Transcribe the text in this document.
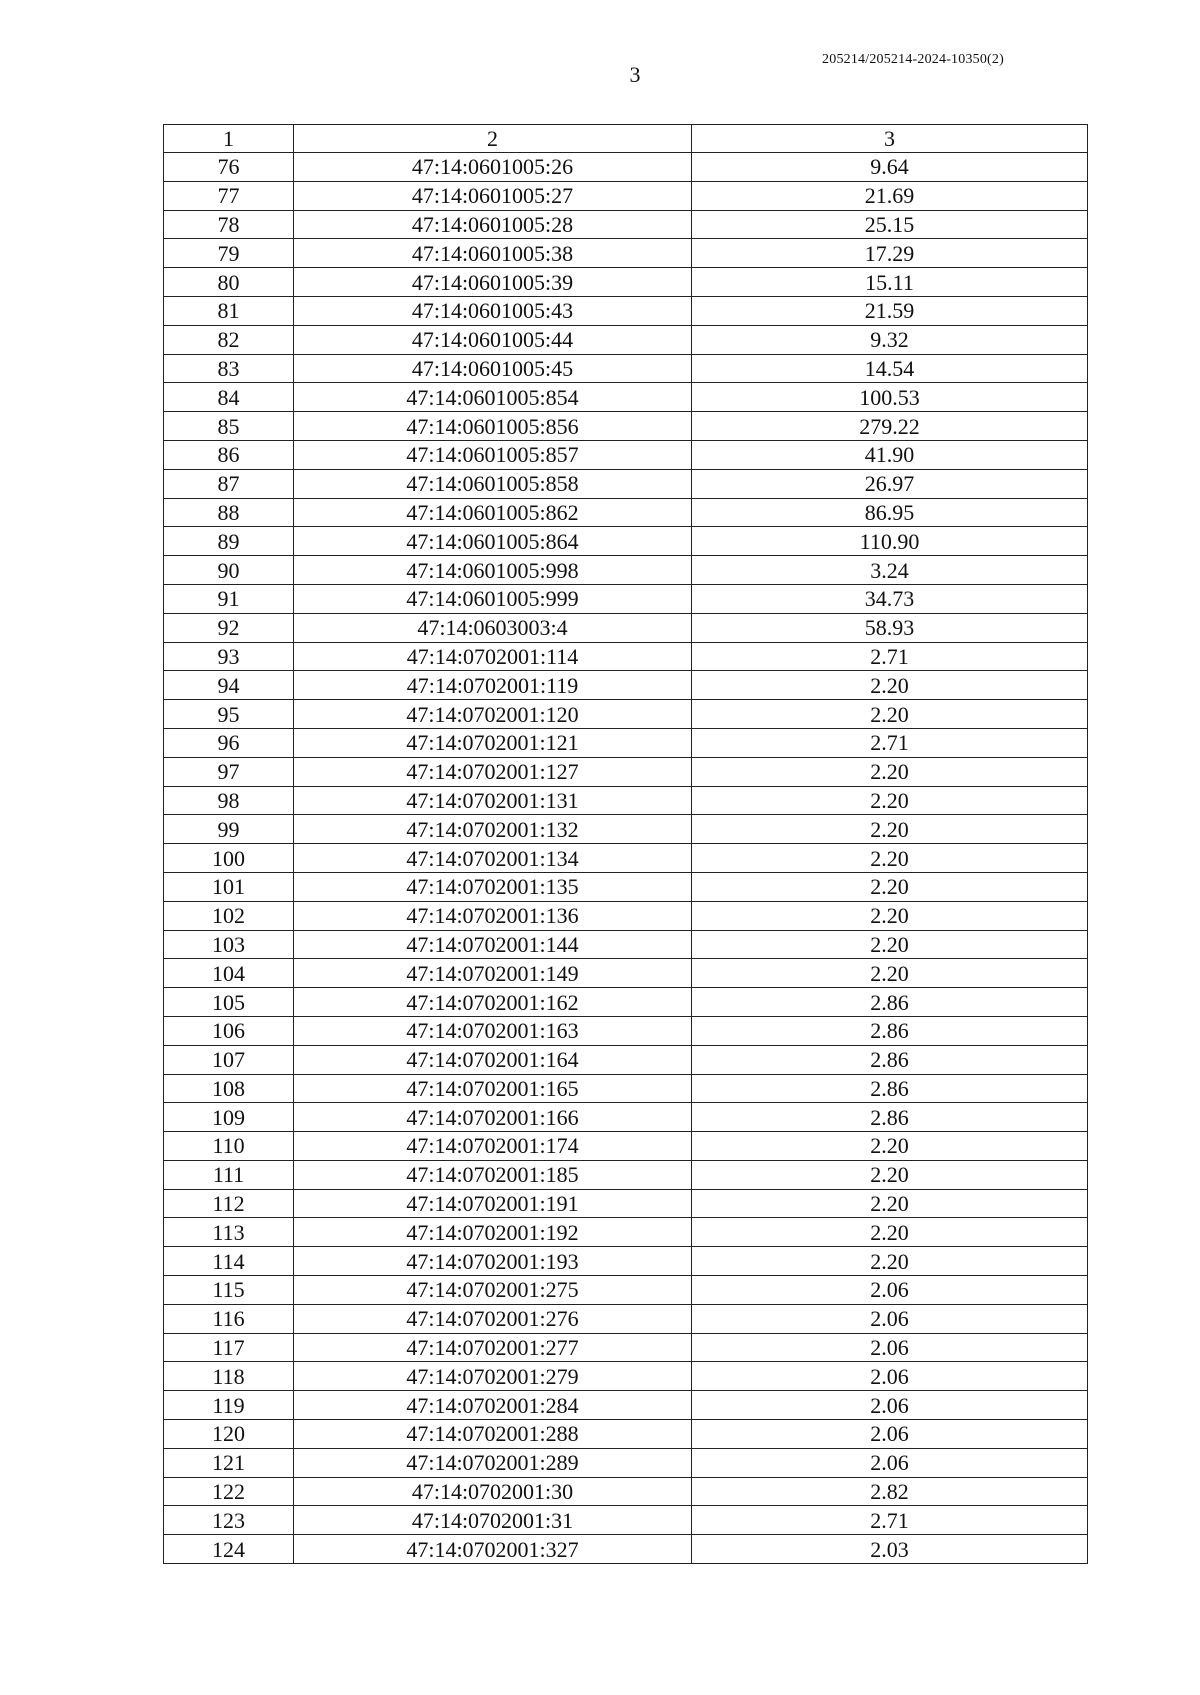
3
205214/205214-2024-10350(2)
1	2	3
76	47:14:0601005:26	9.64
77	47:14:0601005:27	21.69
78	47:14:0601005:28	25.15
79	47:14:0601005:38	17.29
80	47:14:0601005:39	15.11
81	47:14:0601005:43	21.59
82	47:14:0601005:44	9.32
83	47:14:0601005:45	14.54
84	47:14:0601005:854	100.53
85	47:14:0601005:856	279.22
86	47:14:0601005:857	41.90
87	47:14:0601005:858	26.97
88	47:14:0601005:862	86.95
89	47:14:0601005:864	110.90
90	47:14:0601005:998	3.24
91	47:14:0601005:999	34.73
92	47:14:0603003:4	58.93
93	47:14:0702001:114	2.71
94	47:14:0702001:119	2.20
95	47:14:0702001:120	2.20
96	47:14:0702001:121	2.71
97	47:14:0702001:127	2.20
98	47:14:0702001:131	2.20
99	47:14:0702001:132	2.20
100	47:14:0702001:134	2.20
101	47:14:0702001:135	2.20
102	47:14:0702001:136	2.20
103	47:14:0702001:144	2.20
104	47:14:0702001:149	2.20
105	47:14:0702001:162	2.86
106	47:14:0702001:163	2.86
107	47:14:0702001:164	2.86
108	47:14:0702001:165	2.86
109	47:14:0702001:166	2.86
110	47:14:0702001:174	2.20
111	47:14:0702001:185	2.20
112	47:14:0702001:191	2.20
113	47:14:0702001:192	2.20
114	47:14:0702001:193	2.20
115	47:14:0702001:275	2.06
116	47:14:0702001:276	2.06
117	47:14:0702001:277	2.06
118	47:14:0702001:279	2.06
119	47:14:0702001:284	2.06
120	47:14:0702001:288	2.06
121	47:14:0702001:289	2.06
122	47:14:0702001:30	2.82
123	47:14:0702001:31	2.71
124	47:14:0702001:327	2.03
